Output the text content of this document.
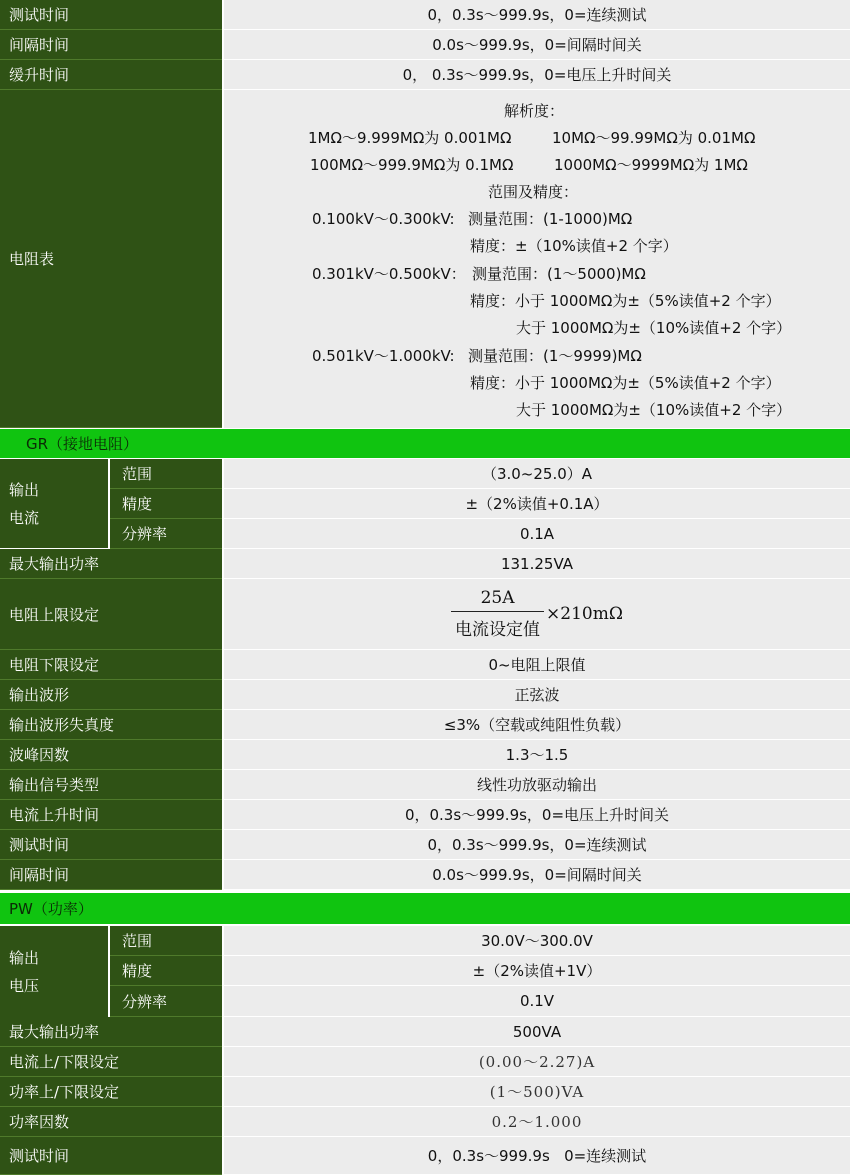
测试时间	0，0.3s～999.9s，0=连续测试
间隔时间	0.0s～999.9s，0=间隔时间关
缓升时间	0， 0.3s～999.9s，0=电压上升时间关
电阻表
解析度：
1MΩ～9.999MΩ为 0.001MΩ	10MΩ～99.99MΩ为 0.01MΩ
100MΩ～999.9MΩ为 0.1MΩ	1000MΩ～9999MΩ为 1MΩ
范围及精度：
0.100kV～0.300kV: 测量范围：(1-1000)MΩ
精度：±（10%读值+2 个字）
0.301kV～0.500kV： 测量范围：(1～5000)MΩ
精度：小于 1000MΩ为±（5%读值+2 个字）
大于 1000MΩ为±（10%读值+2 个字）
0.501kV～1.000kV: 测量范围：(1～9999)MΩ
精度：小于 1000MΩ为±（5%读值+2 个字）
大于 1000MΩ为±（10%读值+2 个字）
GR（接地电阻）
输出
电流
范围	（3.0~25.0）A
精度	±（2%读值+0.1A）
分辨率	0.1A
最大输出功率	131.25VA
电阻上限设定	$\frac{25A}{\text{电流设定值}} \times 210m\Omega$
电阻下限设定	0~电阻上限值
输出波形	正弦波
输出波形失真度	≤3%（空载或纯阻性负载）
波峰因数	1.3～1.5
输出信号类型	线性功放驱动输出
电流上升时间	0，0.3s～999.9s，0=电压上升时间关
测试时间	0，0.3s～999.9s，0=连续测试
间隔时间	0.0s～999.9s，0=间隔时间关
PW（功率）
输出
电压
范围	30.0V～300.0V
精度	±（2%读值+1V）
分辨率	0.1V
最大输出功率	500VA
电流上/下限设定	(0.00～2.27)A
功率上/下限设定	(1～500)VA
功率因数	0.2～1.000
测试时间	0，0.3s～999.9s   0=连续测试
